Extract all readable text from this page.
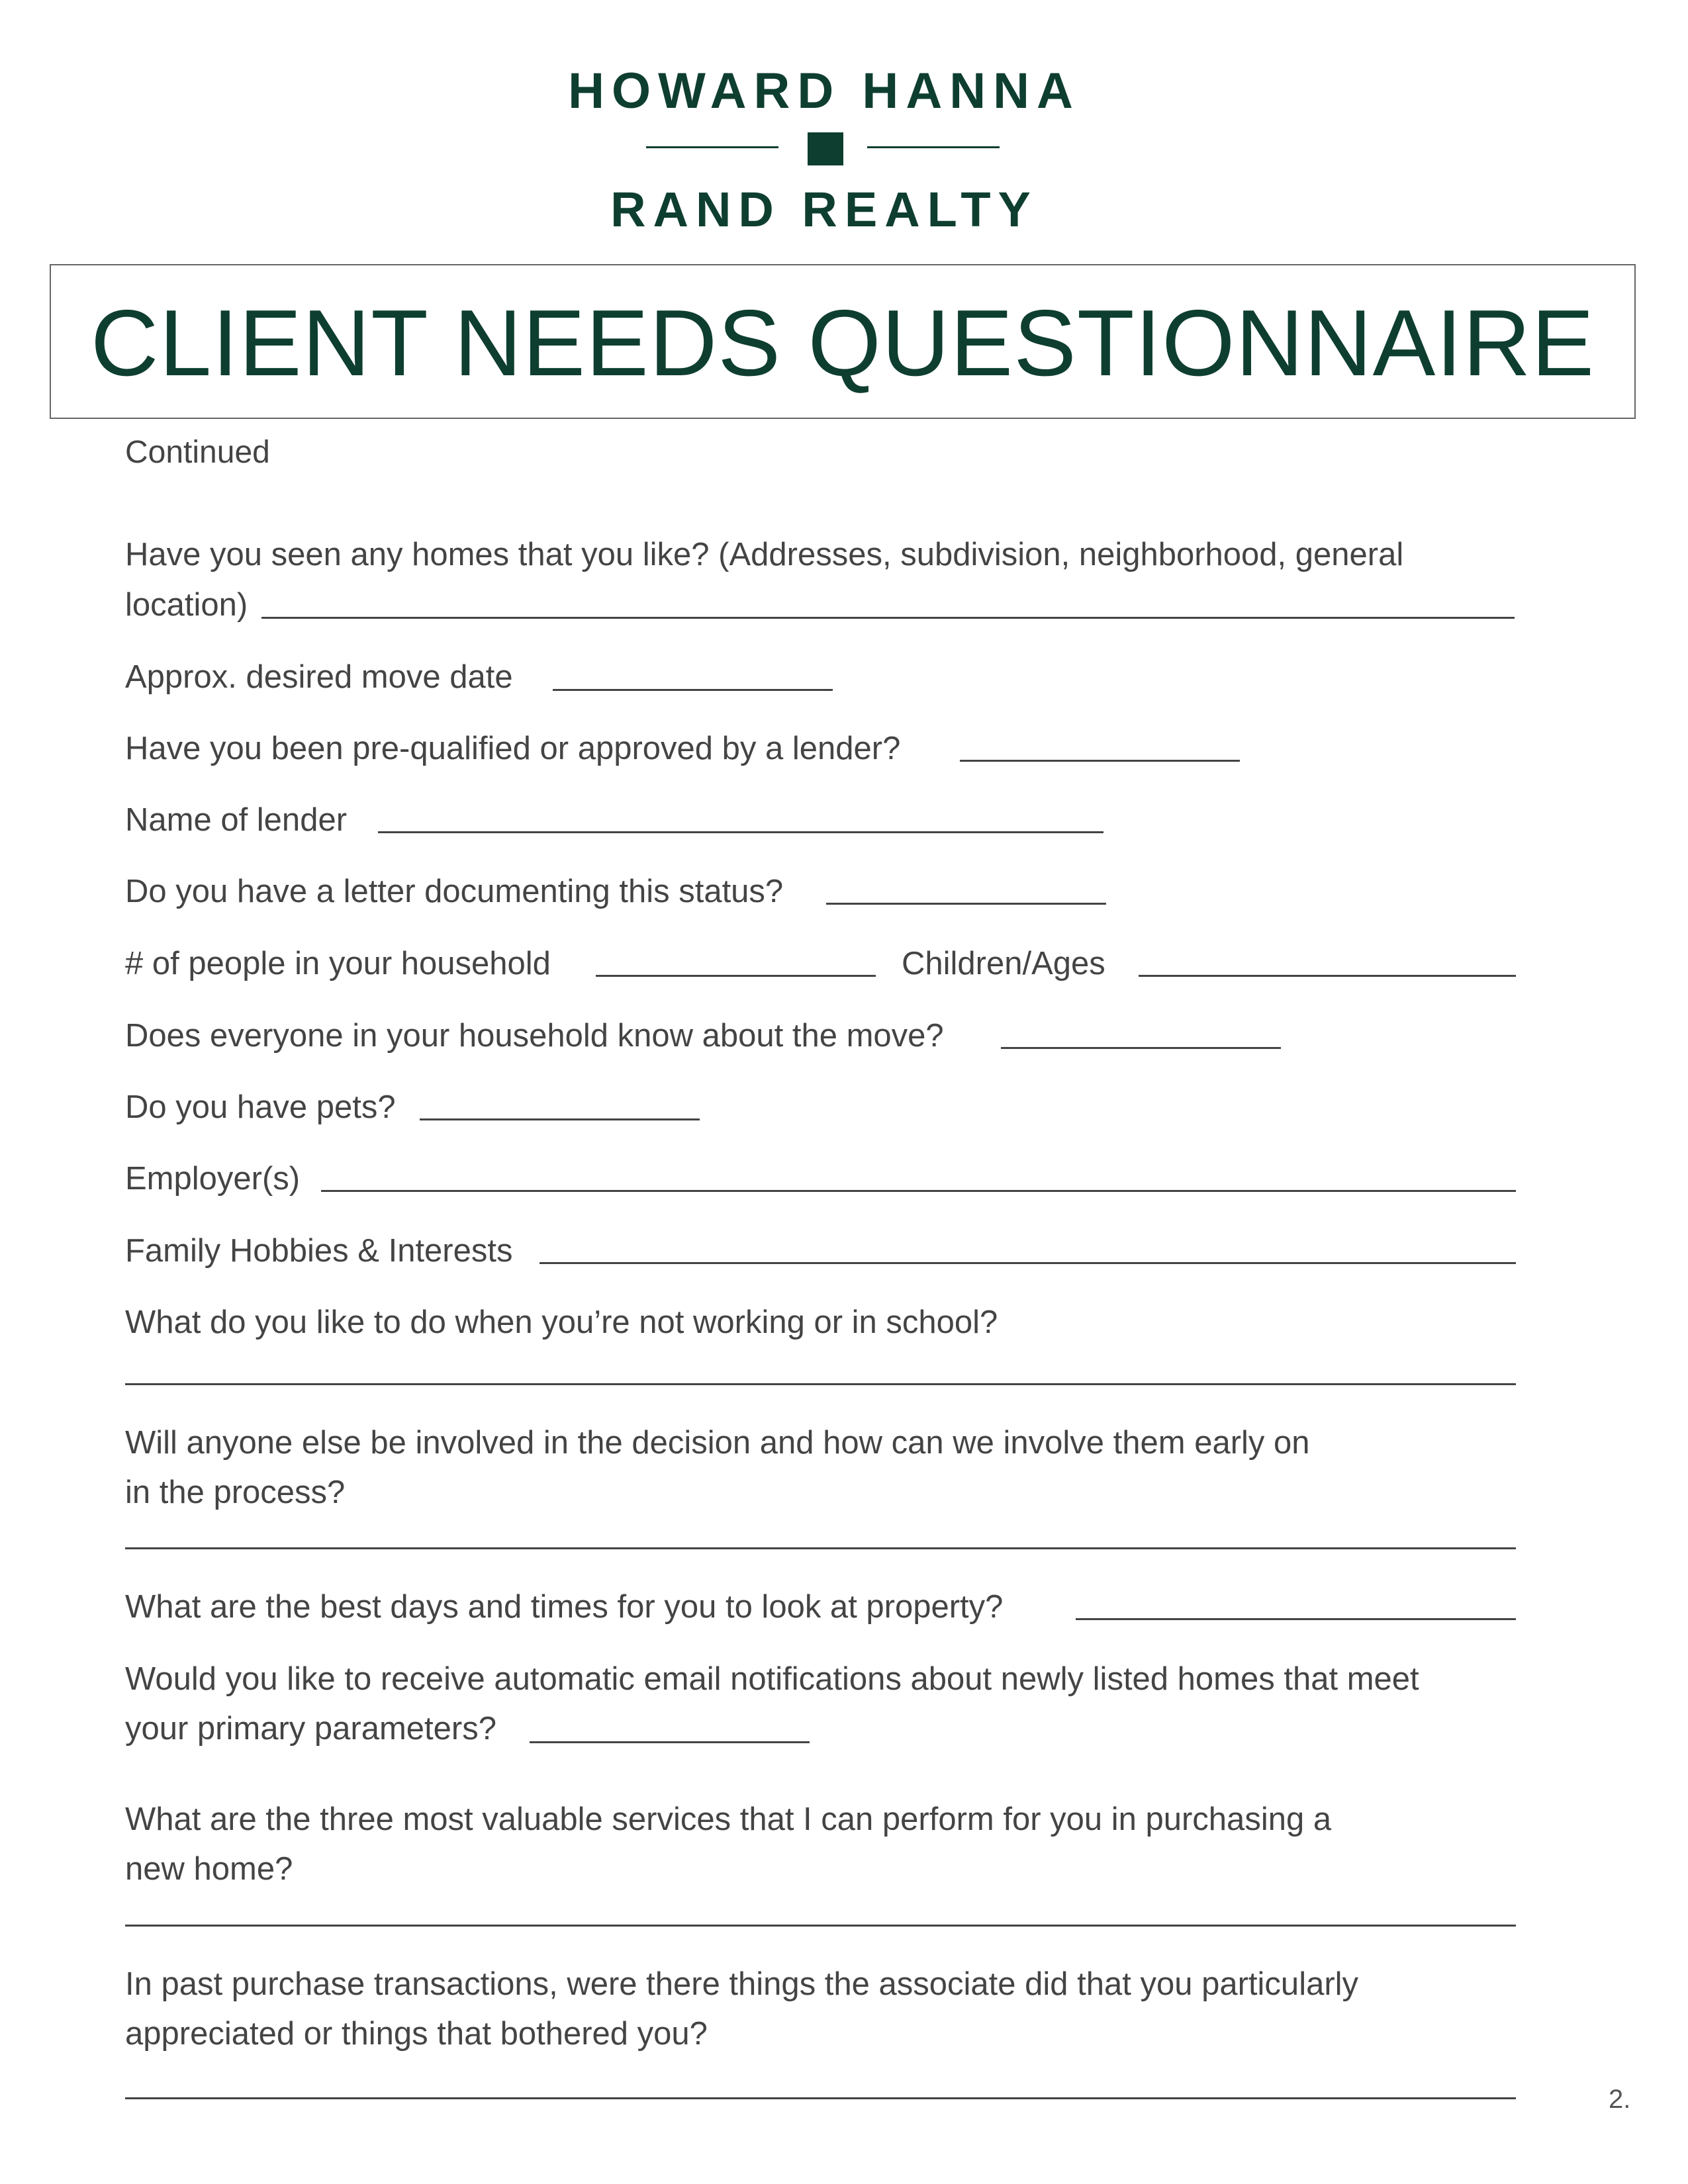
HOWARD HANNA
RAND REALTY
CLIENT NEEDS QUESTIONNAIRE
Continued
Have you seen any homes that you like? (Addresses, subdivision, neighborhood, general
location)
Approx. desired move date
Have you been pre-qualified or approved by a lender?
Name of lender
Do you have a letter documenting this status?
# of people in your household	Children/Ages
Does everyone in your household know about the move?
Do you have pets?
Employer(s)
Family Hobbies & Interests
What do you like to do when you’re not working or in school?
Will anyone else be involved in the decision and how can we involve them early on
in the process?
What are the best days and times for you to look at property?
Would you like to receive automatic email notifications about newly listed homes that meet
your primary parameters?
What are the three most valuable services that I can perform for you in purchasing a
new home?
In past purchase transactions, were there things the associate did that you particularly
appreciated or things that bothered you?
2.
